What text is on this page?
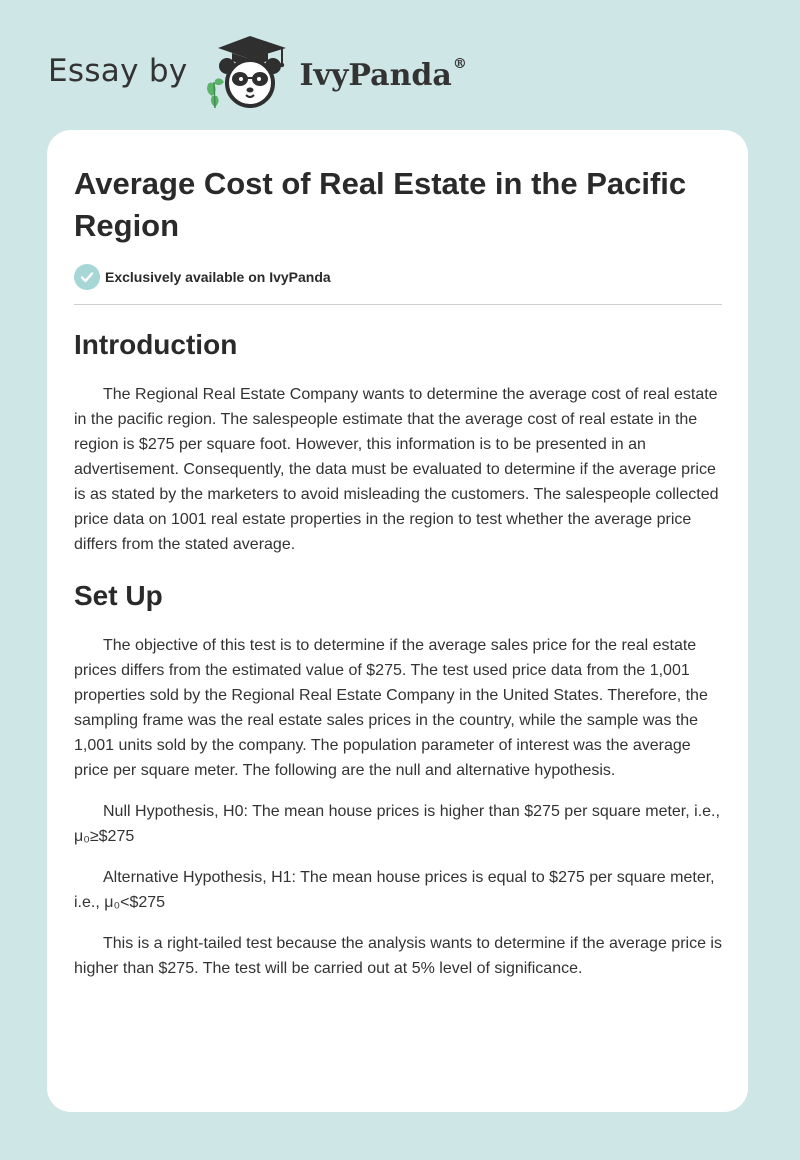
Essay by	IvyPanda®
Average Cost of Real Estate in the Pacific Region
Exclusively available on IvyPanda
Introduction

The Regional Real Estate Company wants to determine the average cost of real estate in the pacific region. The salespeople estimate that the average cost of real estate in the region is $275 per square foot. However, this information is to be presented in an advertisement. Consequently, the data must be evaluated to determine if the average price is as stated by the marketers to avoid misleading the customers. The salespeople collected price data on 1001 real estate properties in the region to test whether the average price differs from the stated average.

Set Up

The objective of this test is to determine if the average sales price for the real estate prices differs from the estimated value of $275. The test used price data from the 1,001 properties sold by the Regional Real Estate Company in the United States. Therefore, the sampling frame was the real estate sales prices in the country, while the sample was the 1,001 units sold by the company. The population parameter of interest was the average price per square meter. The following are the null and alternative hypothesis.

Null Hypothesis, H0: The mean house prices is higher than $275 per square meter, i.e., μ₀≥$275

Alternative Hypothesis, H1: The mean house prices is equal to $275 per square meter, i.e., μ₀<$275

This is a right-tailed test because the analysis wants to determine if the average price is higher than $275. The test will be carried out at 5% level of significance.
